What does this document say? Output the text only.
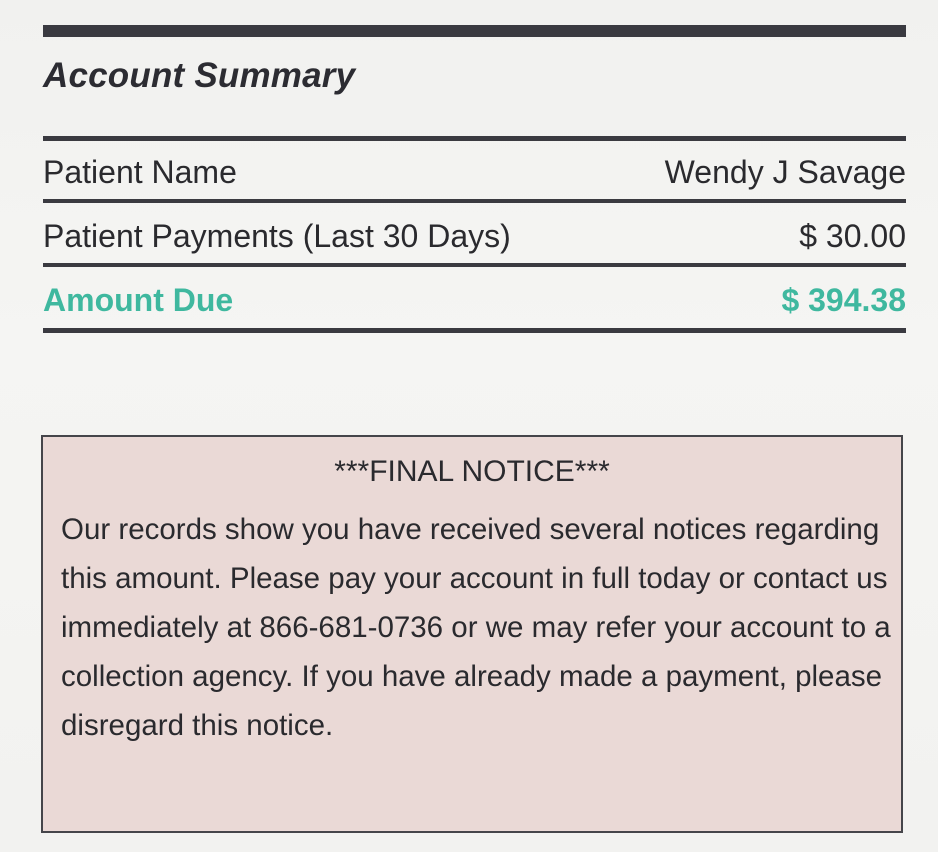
Account Summary
Patient Name	Wendy J Savage
Patient Payments (Last 30 Days)	$ 30.00
Amount Due	$ 394.38
***FINAL NOTICE***
Our records show you have received several notices regarding this amount. Please pay your account in full today or contact us immediately at 866-681-0736 or we may refer your account to a collection agency. If you have already made a payment, please disregard this notice.
